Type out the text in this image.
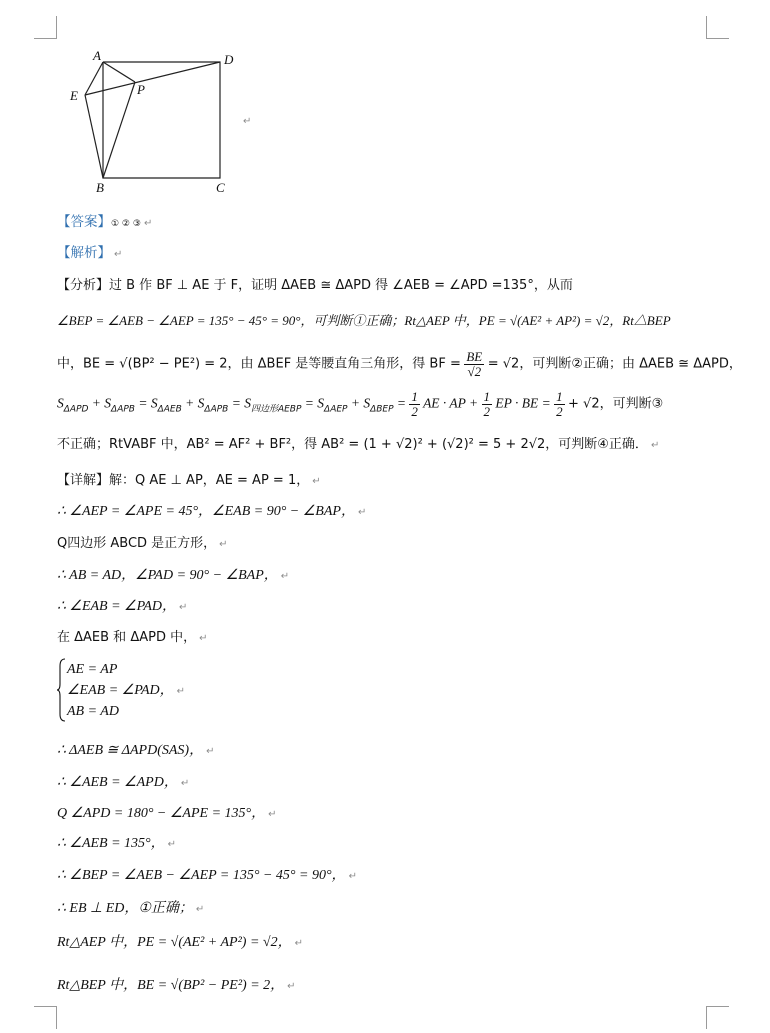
A	D
E	P
B	C
↵
【答案】① ② ③ ↵
【解析】 ↵
【分析】过 B 作 BF ⊥ AE 于 F，证明 ΔAEB ≅ ΔAPD 得 ∠AEB = ∠APD =135°，从而
∠BEP = ∠AEB − ∠AEP = 135° − 45° = 90°，可判断①正确；Rt△AEP 中，PE = √(AE² + AP²) = √2，Rt△BEP
中，BE = √(BP² − PE²) = 2，由 ΔBEF 是等腰直角三角形，得 BF = $\frac{BE}{√2} = √2$，可判断②正确；由 ΔAEB ≅ ΔAPD，
$S_{\Delta APD} + S_{\Delta APB} = S_{\Delta AEB} + S_{\Delta APB} = S_{四边形AEBP} = S_{\Delta AEP} + S_{\Delta BEP} = \frac{1}{2}$ AE · AP + $\frac{1}{2}$ EP · BE = $\frac{1}{2} + √2$，可判断③
不正确；RtVABF 中，AB² = AF² + BF²，得 AB² = (1 + √2)² + (√2)² = 5 + 2√2，可判断④正确． ↵
【详解】解：Q AE ⊥ AP，AE = AP = 1， ↵
∴ ∠AEP = ∠APE = 45°，∠EAB = 90° − ∠BAP， ↵
Q四边形 ABCD 是正方形， ↵
∴ AB = AD，∠PAD = 90° − ∠BAP， ↵
∴ ∠EAB = ∠PAD， ↵
在 ΔAEB 和 ΔAPD 中， ↵
AE = AP
∠EAB = ∠PAD， ↵
AB = AD
∴ ΔAEB ≅ ΔAPD(SAS)， ↵
∴ ∠AEB = ∠APD， ↵
Q ∠APD = 180° − ∠APE = 135°， ↵
∴ ∠AEB = 135°， ↵
∴ ∠BEP = ∠AEB − ∠AEP = 135° − 45° = 90°， ↵
∴ EB ⊥ ED，①正确； ↵
Rt△AEP 中，PE = √(AE² + AP²) = √2， ↵
Rt△BEP 中，BE = √(BP² − PE²) = 2， ↵
